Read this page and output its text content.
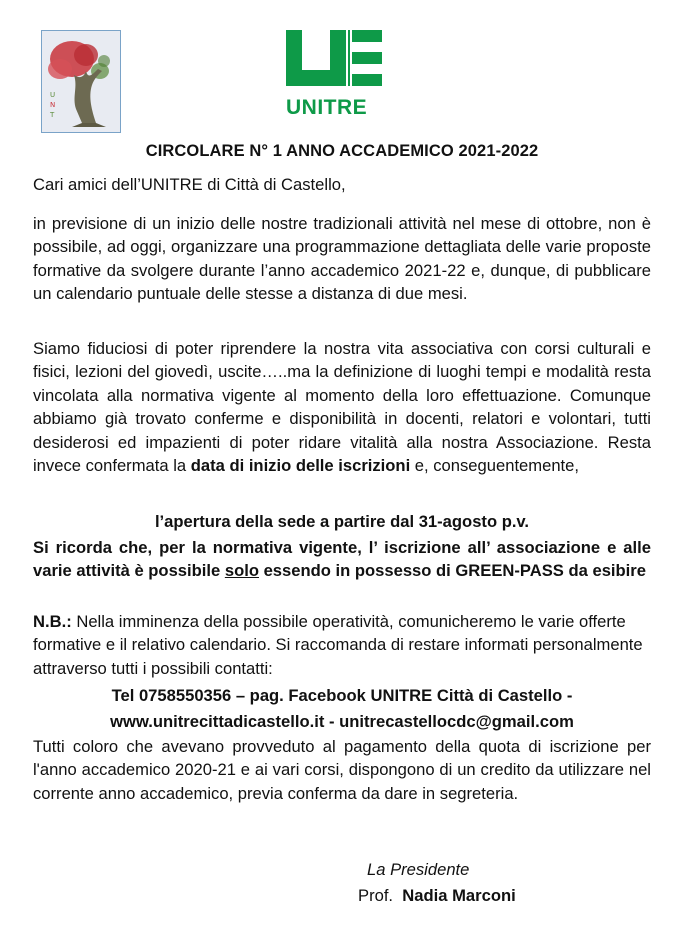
U
N
T	UNITRE
CIRCOLARE N° 1 ANNO ACCADEMICO 2021-2022
Cari amici dell’UNITRE di Città di Castello,
in previsione di un inizio delle nostre tradizionali attività nel mese di ottobre, non è possibile, ad oggi, organizzare una programmazione dettagliata delle varie proposte formative da svolgere durante l’anno accademico 2021-22 e, dunque, di pubblicare un calendario puntuale delle stesse a distanza di due mesi.
Siamo fiduciosi di poter riprendere la nostra vita associativa con corsi culturali e fisici, lezioni del giovedì, uscite…..ma la definizione di luoghi tempi e modalità resta vincolata alla normativa vigente al momento della loro effettuazione. Comunque abbiamo già trovato conferme e disponibilità in docenti, relatori e volontari, tutti desiderosi ed impazienti di poter ridare vitalità alla nostra Associazione. Resta invece confermata la data di inizio delle iscrizioni e, conseguentemente,
l’apertura della sede a partire dal 31-agosto p.v.
Si ricorda che, per la normativa vigente, l’ iscrizione all’ associazione e alle varie attività è possibile solo essendo in possesso di GREEN-PASS da esibire
N.B.: Nella imminenza della possibile operatività, comunicheremo le varie offerte formative e il relativo calendario. Si raccomanda di restare informati personalmente attraverso tutti i possibili contatti:
Tel 0758550356 – pag. Facebook UNITRE Città di Castello -
www.unitrecittadicastello.it - unitrecastellocdc@gmail.com
Tutti coloro che avevano provveduto al pagamento della quota di iscrizione per l'anno accademico 2020-21 e ai vari corsi, dispongono di un credito da utilizzare nel corrente anno accademico, previa conferma da dare in segreteria.
La Presidente
Prof. Nadia Marconi
